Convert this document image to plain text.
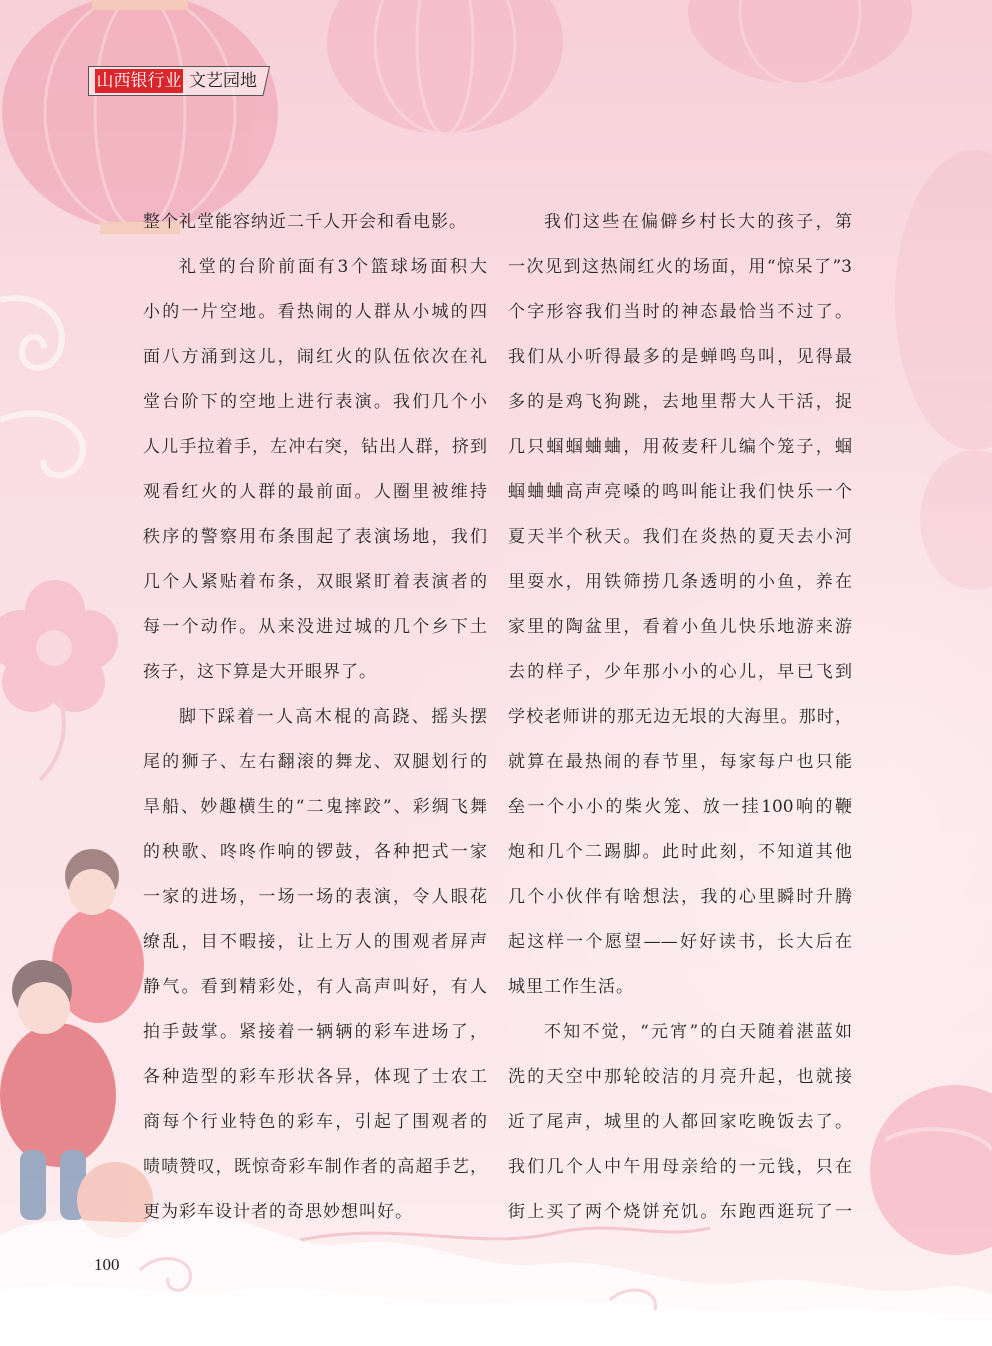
山西银行业 文艺园地
整个礼堂能容纳近二千人开会和看电影。
礼堂的台阶前面有3个篮球场面积大
小的一片空地。看热闹的人群从小城的四
面八方涌到这儿，闹红火的队伍依次在礼
堂台阶下的空地上进行表演。我们几个小
人儿手拉着手，左冲右突，钻出人群，挤到
观看红火的人群的最前面。人圈里被维持
秩序的警察用布条围起了表演场地，我们
几个人紧贴着布条，双眼紧盯着表演者的
每一个动作。从来没进过城的几个乡下土
孩子，这下算是大开眼界了。
脚下踩着一人高木棍的高跷、摇头摆
尾的狮子、左右翻滚的舞龙、双腿划行的
旱船、妙趣横生的“二鬼摔跤”、彩绸飞舞
的秧歌、咚咚作响的锣鼓，各种把式一家
一家的进场，一场一场的表演，令人眼花
缭乱，目不暇接，让上万人的围观者屏声
静气。看到精彩处，有人高声叫好，有人
拍手鼓掌。紧接着一辆辆的彩车进场了，
各种造型的彩车形状各异，体现了士农工
商每个行业特色的彩车，引起了围观者的
啧啧赞叹，既惊奇彩车制作者的高超手艺，
更为彩车设计者的奇思妙想叫好。
我们这些在偏僻乡村长大的孩子，第
一次见到这热闹红火的场面，用“惊呆了”3
个字形容我们当时的神态最恰当不过了。
我们从小听得最多的是蝉鸣鸟叫，见得最
多的是鸡飞狗跳，去地里帮大人干活，捉
几只蝈蝈蛐蛐，用莜麦秆儿编个笼子，蝈
蝈蛐蛐高声亮嗓的鸣叫能让我们快乐一个
夏天半个秋天。我们在炎热的夏天去小河
里耍水，用铁筛捞几条透明的小鱼，养在
家里的陶盆里，看着小鱼儿快乐地游来游
去的样子，少年那小小的心儿，早已飞到
学校老师讲的那无边无垠的大海里。那时，
就算在最热闹的春节里，每家每户也只能
垒一个小小的柴火笼、放一挂100响的鞭
炮和几个二踢脚。此时此刻，不知道其他
几个小伙伴有啥想法，我的心里瞬时升腾
起这样一个愿望——好好读书，长大后在
城里工作生活。
不知不觉，“元宵”的白天随着湛蓝如
洗的天空中那轮皎洁的月亮升起，也就接
近了尾声，城里的人都回家吃晚饭去了。
我们几个人中午用母亲给的一元钱，只在
街上买了两个烧饼充饥。东跑西逛玩了一
100
